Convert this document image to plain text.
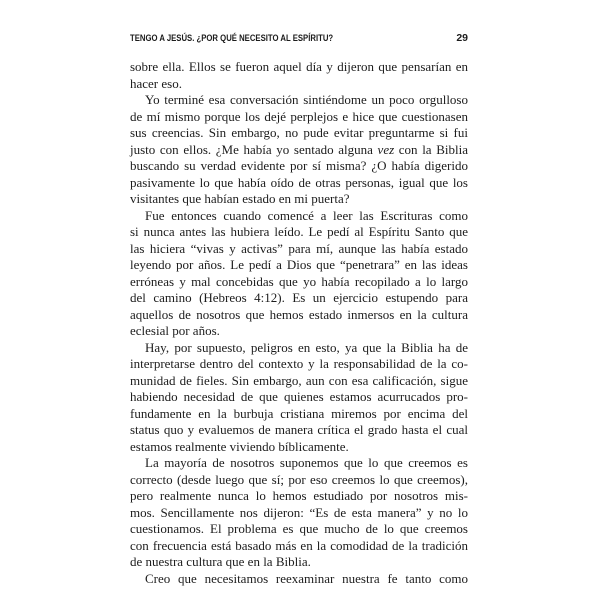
TENGO A JESÚS. ¿POR QUÉ NECESITO AL ESPÍRITU?	29
sobre ella. Ellos se fueron aquel día y dijeron que pensarían en
hacer eso.
Yo terminé esa conversación sintiéndome un poco orgulloso
de mí mismo porque los dejé perplejos e hice que cuestionasen
sus creencias. Sin embargo, no pude evitar preguntarme si fui
justo con ellos. ¿Me había yo sentado alguna vez con la Biblia
buscando su verdad evidente por sí misma? ¿O había digerido
pasivamente lo que había oído de otras personas, igual que los
visitantes que habían estado en mi puerta?
Fue entonces cuando comencé a leer las Escrituras como
si nunca antes las hubiera leído. Le pedí al Espíritu Santo que
las hiciera “vivas y activas” para mí, aunque las había estado
leyendo por años. Le pedí a Dios que “penetrara” en las ideas
erróneas y mal concebidas que yo había recopilado a lo largo
del camino (Hebreos 4:12). Es un ejercicio estupendo para
aquellos de nosotros que hemos estado inmersos en la cultura
eclesial por años.
Hay, por supuesto, peligros en esto, ya que la Biblia ha de
interpretarse dentro del contexto y la responsabilidad de la co-
munidad de fieles. Sin embargo, aun con esa calificación, sigue
habiendo necesidad de que quienes estamos acurrucados pro-
fundamente en la burbuja cristiana miremos por encima del
status quo y evaluemos de manera crítica el grado hasta el cual
estamos realmente viviendo bíblicamente.
La mayoría de nosotros suponemos que lo que creemos es
correcto (desde luego que sí; por eso creemos lo que creemos),
pero realmente nunca lo hemos estudiado por nosotros mis-
mos. Sencillamente nos dijeron: “Es de esta manera” y no lo
cuestionamos. El problema es que mucho de lo que creemos
con frecuencia está basado más en la comodidad de la tradición
de nuestra cultura que en la Biblia.
Creo que necesitamos reexaminar nuestra fe tanto como
